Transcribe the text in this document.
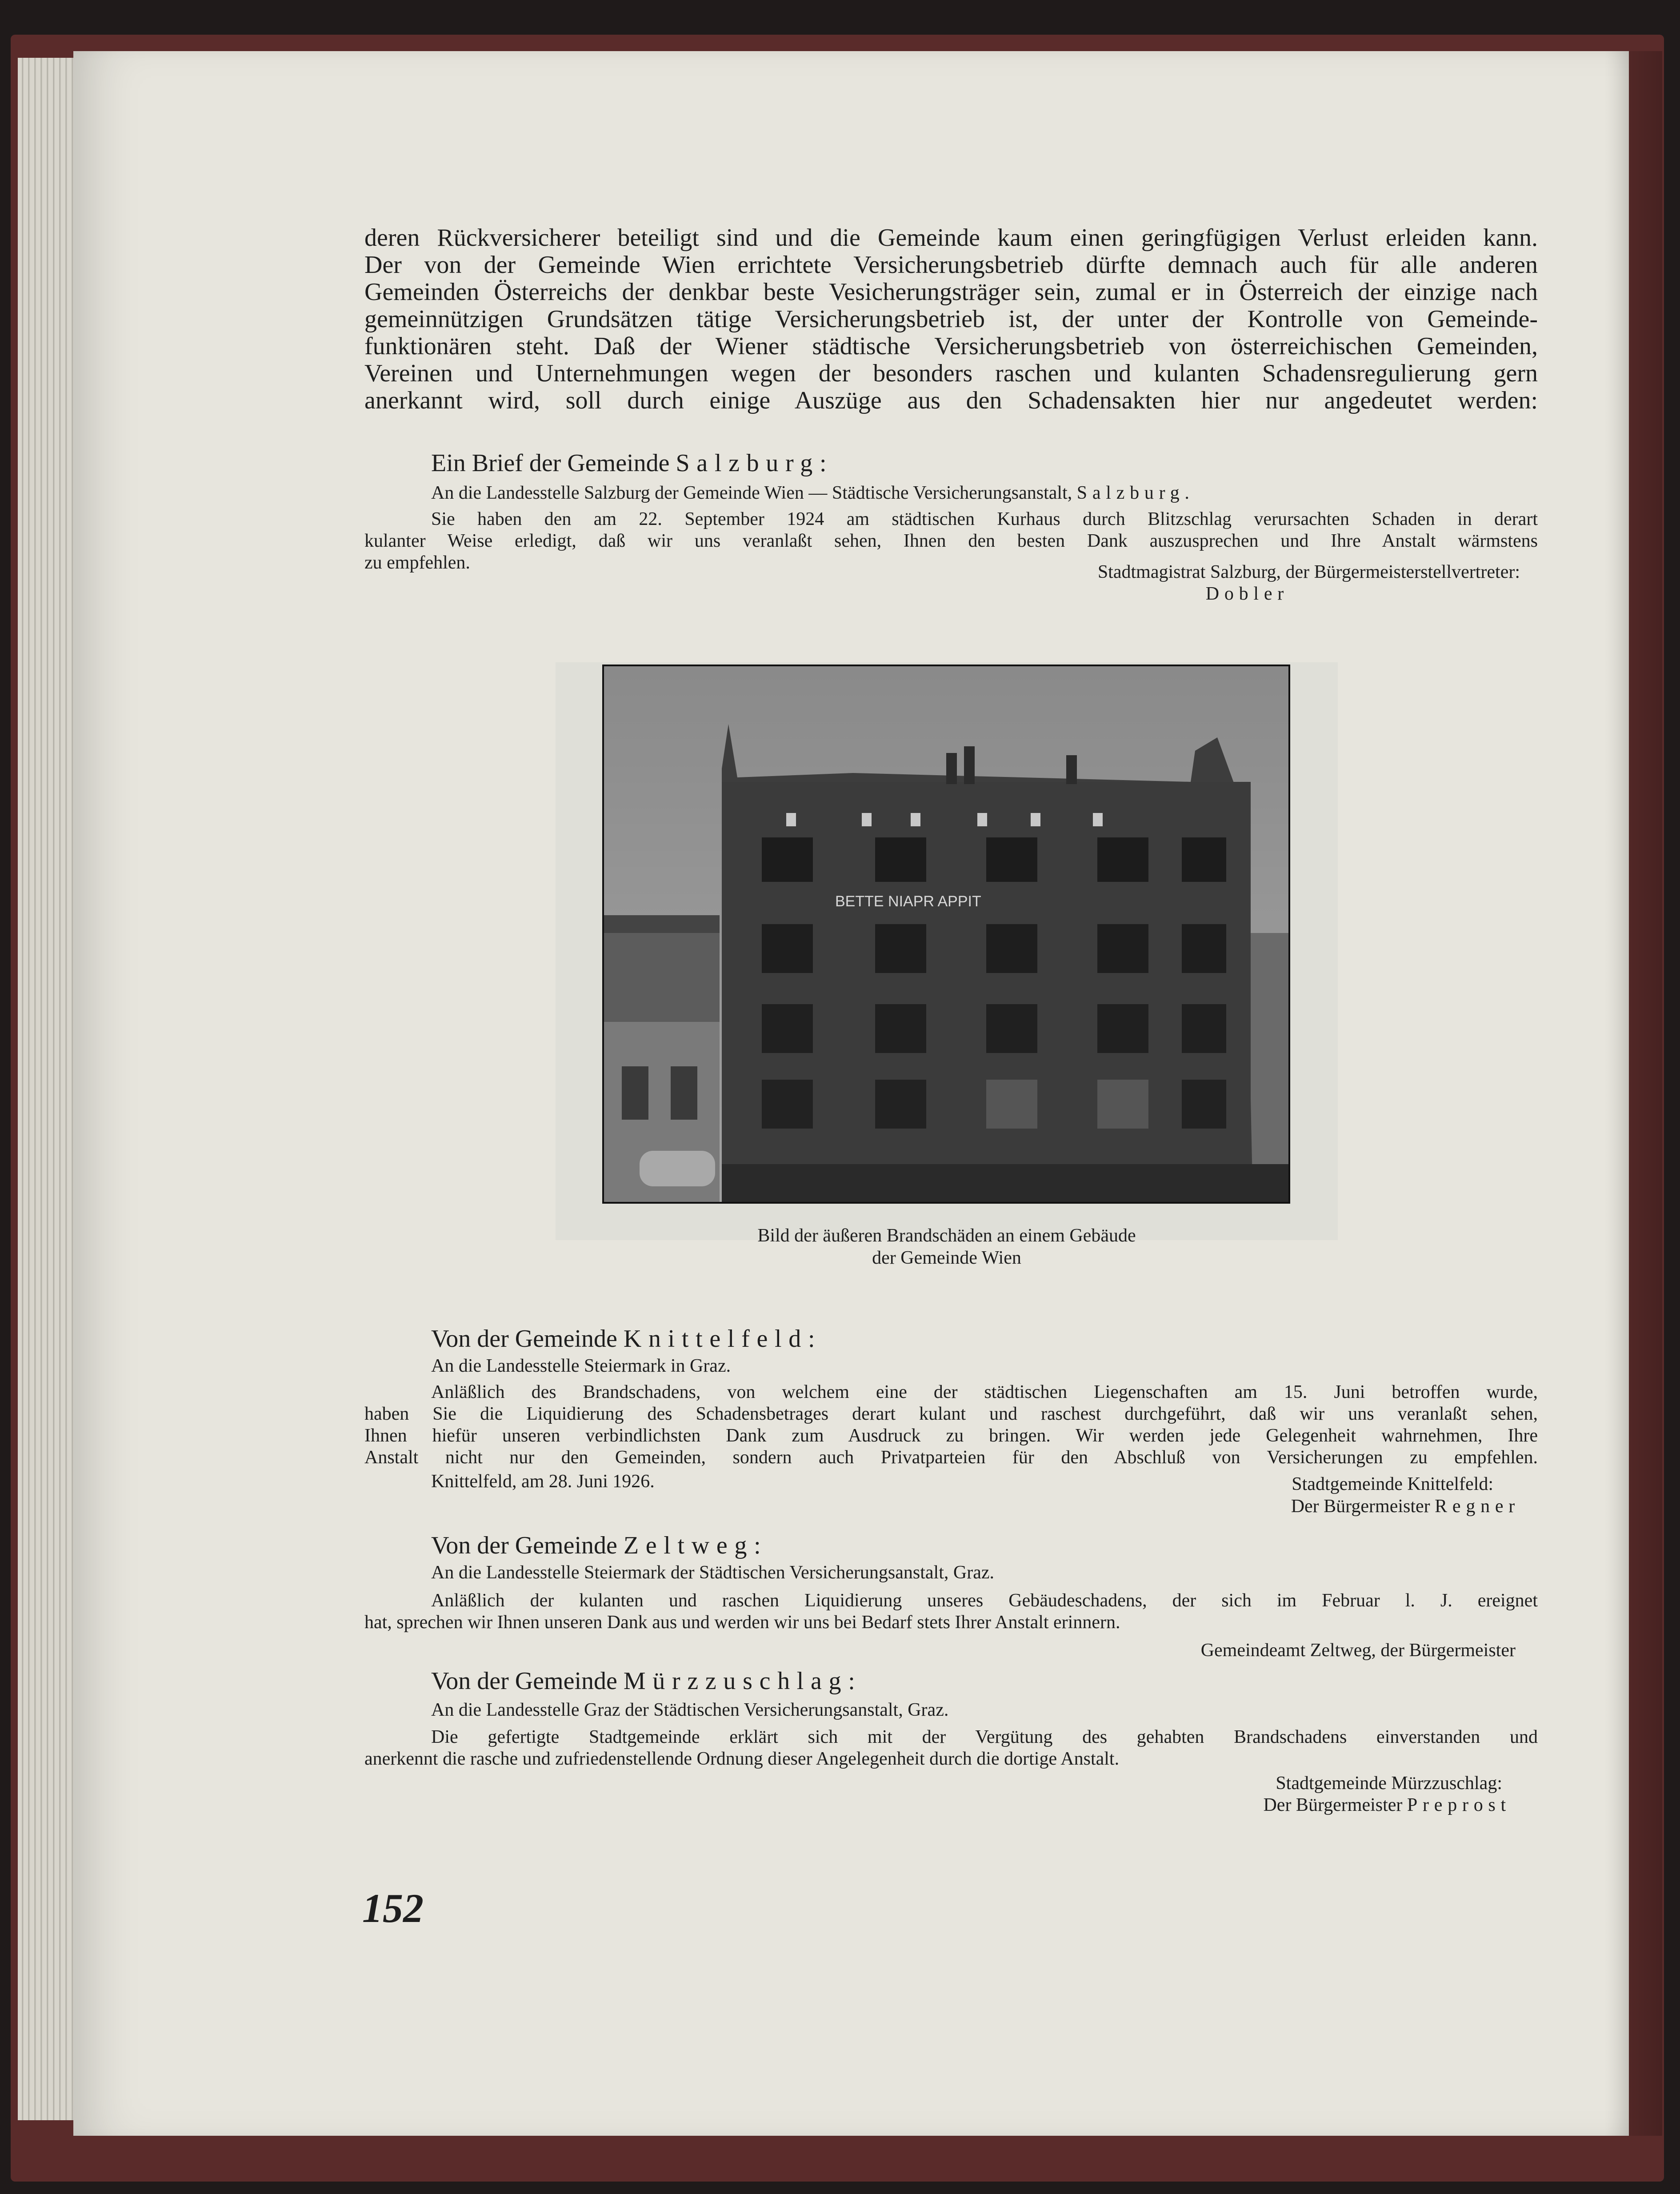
deren Rückversicherer beteiligt sind und die Gemeinde kaum einen geringfügigen Verlust erleiden kann.

Der von der Gemeinde Wien errichtete Versicherungsbetrieb dürfte demnach auch für alle anderen

Gemeinden Österreichs der denkbar beste Vesicherungsträger sein, zumal er in Österreich der einzige nach

gemeinnützigen Grundsätzen tätige Versicherungsbetrieb ist, der unter der Kontrolle von Gemeinde-

funktionären steht. Daß der Wiener städtische Versicherungsbetrieb von österreichischen Gemeinden,

Vereinen und Unternehmungen wegen der besonders raschen und kulanten Schadensregulierung gern

anerkannt wird, soll durch einige Auszüge aus den Schadensakten hier nur angedeutet werden:

Ein Brief der Gemeinde Salzburg:

An die Landesstelle Salzburg der Gemeinde Wien — Städtische Versicherungsanstalt, Salzburg.

Sie haben den am 22. September 1924 am städtischen Kurhaus durch Blitzschlag verursachten Schaden in derart

kulanter Weise erledigt, daß wir uns veranlaßt sehen, Ihnen den besten Dank auszusprechen und Ihre Anstalt wärmstens

zu empfehlen.	Stadtmagistrat Salzburg, der Bürgermeisterstellvertreter:

Dobler

BETTE NIAPR APPIT
Bild der äußeren Brandschäden an einem Gebäude
der Gemeinde Wien

Von der Gemeinde Knittelfeld:

An die Landesstelle Steiermark in Graz.

Anläßlich des Brandschadens, von welchem eine der städtischen Liegenschaften am 15. Juni betroffen wurde,

haben Sie die Liquidierung des Schadensbetrages derart kulant und raschest durchgeführt, daß wir uns veranlaßt sehen,

Ihnen hiefür unseren verbindlichsten Dank zum Ausdruck zu bringen. Wir werden jede Gelegenheit wahrnehmen, Ihre

Anstalt nicht nur den Gemeinden, sondern auch Privatparteien für den Abschluß von Versicherungen zu empfehlen.

Knittelfeld, am 28. Juni 1926.	Stadtgemeinde Knittelfeld:
Der Bürgermeister Regner

Von der Gemeinde Zeltweg:

An die Landesstelle Steiermark der Städtischen Versicherungsanstalt, Graz.

Anläßlich der kulanten und raschen Liquidierung unseres Gebäudeschadens, der sich im Februar l. J. ereignet

hat, sprechen wir Ihnen unseren Dank aus und werden wir uns bei Bedarf stets Ihrer Anstalt erinnern.

Gemeindeamt Zeltweg, der Bürgermeister

Von der Gemeinde Mürzzuschlag:

An die Landesstelle Graz der Städtischen Versicherungsanstalt, Graz.

Die gefertigte Stadtgemeinde erklärt sich mit der Vergütung des gehabten Brandschadens einverstanden und

anerkennt die rasche und zufriedenstellende Ordnung dieser Angelegenheit durch die dortige Anstalt.

Stadtgemeinde Mürzzuschlag:

Der Bürgermeister Preprost

152
